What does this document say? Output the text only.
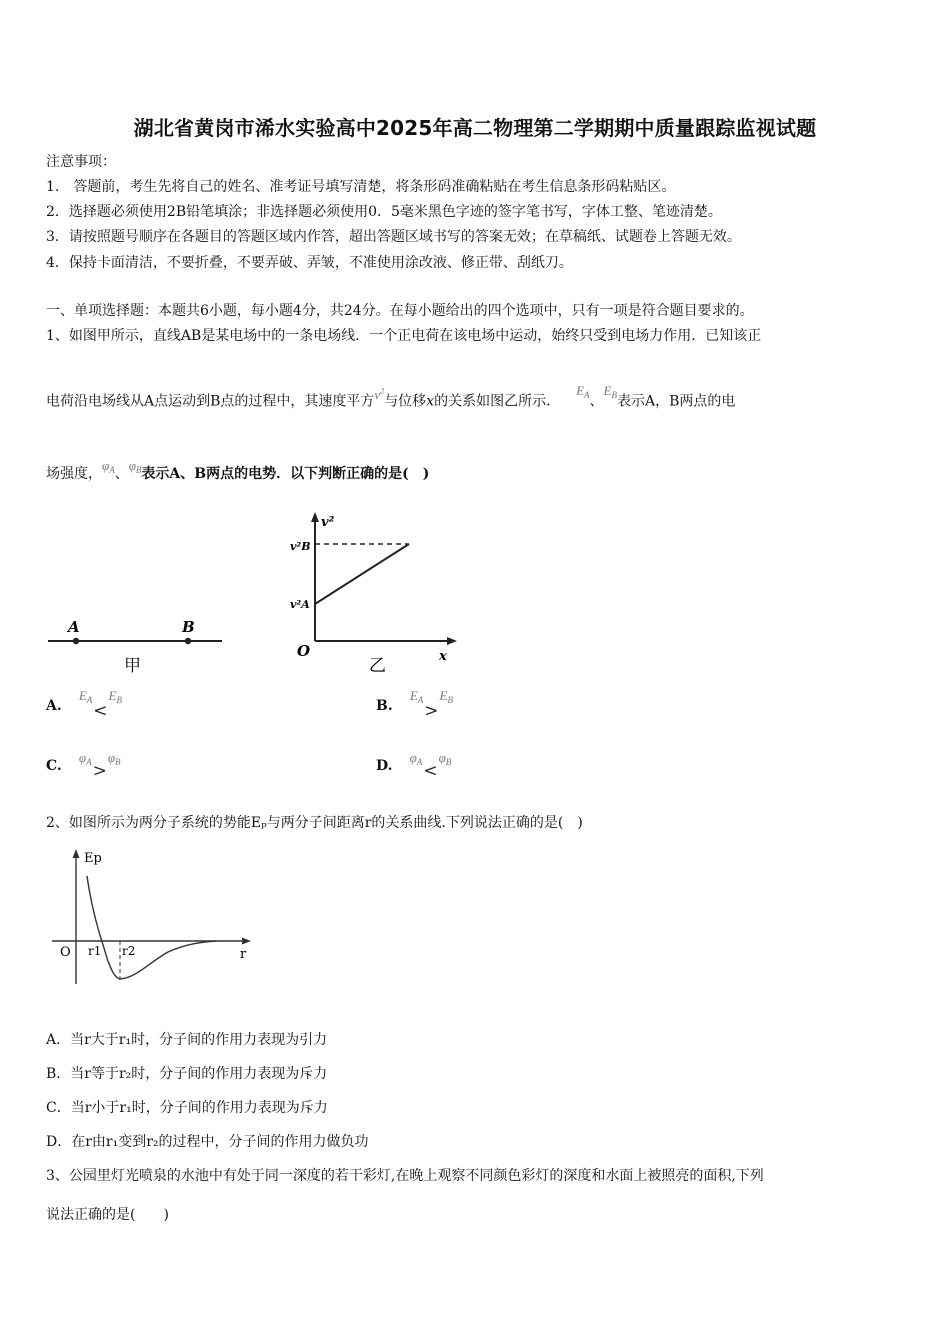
湖北省黄岗市浠水实验高中2025年高二物理第二学期期中质量跟踪监视试题
注意事项：
1.　答题前，考生先将自己的姓名、准考证号填写清楚，将条形码准确粘贴在考生信息条形码粘贴区。
2．选择题必须使用2B铅笔填涂；非选择题必须使用0．5毫米黑色字迹的签字笔书写，字体工整、笔迹清楚。
3．请按照题号顺序在各题目的答题区域内作答，超出答题区域书写的答案无效；在草稿纸、试题卷上答题无效。
4．保持卡面清洁，不要折叠，不要弄破、弄皱，不准使用涂改液、修正带、刮纸刀。
一、单项选择题：本题共6小题，每小题4分，共24分。在每小题给出的四个选项中，只有一项是符合题目要求的。
1、如图甲所示，直线AB是某电场中的一条电场线．一个正电荷在该电场中运动，始终只受到电场力作用．已知该正
电荷沿电场线从A点运动到B点的过程中，其速度平方$v^2$与位移x的关系如图乙所示．$E_A$、$E_B$表示A，B两点的电
场强度，$\varphi_A$、$\varphi_B$表示A、B两点的电势．以下判断正确的是(　)
A	B
甲
v²
v²B
v²A
O	x
乙
A. $^{E_A}$<$^{E_B}$	B. $^{E_A}$>$^{E_B}$
C. $^{\varphi_A}$>$^{\varphi_B}$	D. $^{\varphi_A}$<$^{\varphi_B}$
2、如图所示为两分子系统的势能Eₚ与两分子间距离r的关系曲线.下列说法正确的是(　)
Ep
O r1 r2	r
A．当r大于r₁时，分子间的作用力表现为引力
B．当r等于r₂时，分子间的作用力表现为斥力
C．当r小于r₁时，分子间的作用力表现为斥力
D．在r由r₁变到r₂的过程中，分子间的作用力做负功
3、公园里灯光喷泉的水池中有处于同一深度的若干彩灯,在晚上观察不同颜色彩灯的深度和水面上被照亮的面积,下列
说法正确的是(　　)
